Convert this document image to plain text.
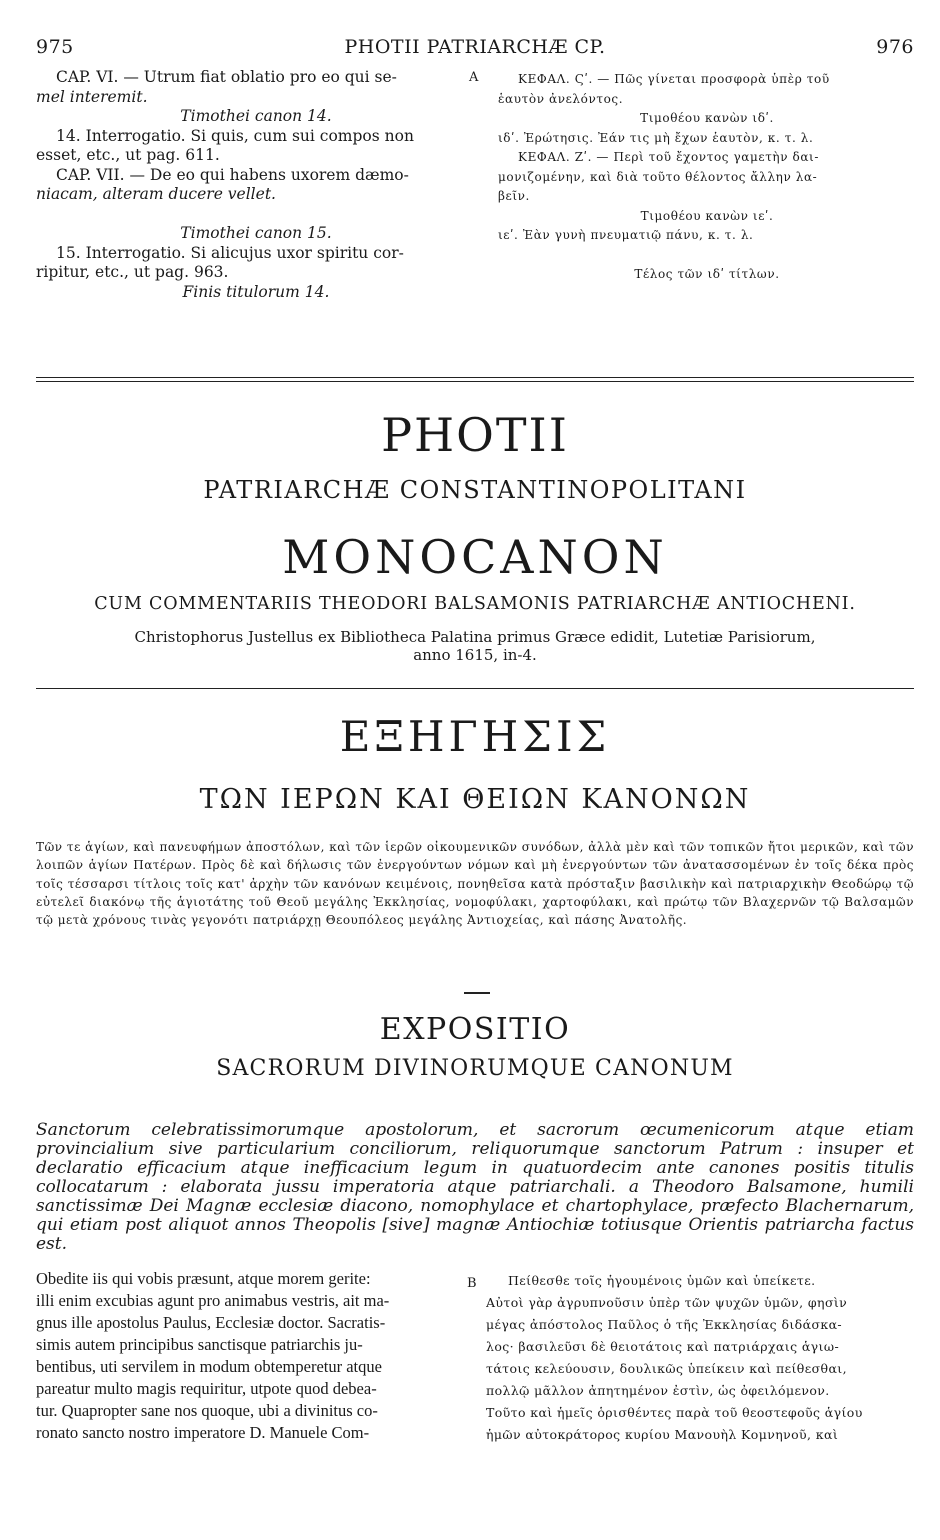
975	PHOTII PATRIARCHÆ CP.	976
CAP. VI. — Utrum fiat oblatio pro eo qui se-
mel interemit.
Timothei canon 14.
14. Interrogatio. Si quis, cum sui compos non
esset, etc., ut pag. 611.
CAP. VII. — De eo qui habens uxorem dæmo-
niacam, alteram ducere vellet.
Timothei canon 15.
15. Interrogatio. Si alicujus uxor spiritu cor-
ripitur, etc., ut pag. 963.
Finis titulorum 14.
A	ΚΕΦΑΛ. Ϛʹ. — Πῶς γίνεται προσφορὰ ὑπὲρ τοῦ
ἑαυτὸν ἀνελόντος.
Τιμοθέου κανὼν ιδʹ.
ιδʹ. Ἐρώτησις. Ἐάν τις μὴ ἔχων ἑαυτὸν, κ. τ. λ.
ΚΕΦΑΛ. Ζʹ. — Περὶ τοῦ ἔχοντος γαμετὴν δαι-
μονιζομένην, καὶ διὰ τοῦτο θέλοντος ἄλλην λα-
βεῖν.
Τιμοθέου κανὼν ιεʹ.
ιεʹ. Ἐὰν γυνὴ πνευματιῷ πάνυ, κ. τ. λ.
Τέλος τῶν ιδʹ τίτλων.
PHOTII
PATRIARCHÆ CONSTANTINOPOLITANI
MONOCANON
CUM COMMENTARIIS THEODORI BALSAMONIS PATRIARCHÆ ANTIOCHENI.
Christophorus Justellus ex Bibliotheca Palatina primus Græce edidit, Lutetiæ Parisiorum,
anno 1615, in-4.
ΕΞΗΓΗΣΙΣ
ΤΩΝ ΙΕΡΩΝ ΚΑΙ ΘΕΙΩΝ ΚΑΝΟΝΩΝ

Τῶν τε ἁγίων, καὶ πανευφήμων ἀποστόλων, καὶ τῶν ἱερῶν οἰκουμενικῶν συνόδων, ἀλλὰ μὲν καὶ τῶν τοπικῶν ἤτοι μερικῶν, καὶ τῶν λοιπῶν ἁγίων Πατέρων. Πρὸς δὲ καὶ δήλωσις τῶν ἐνεργούντων νόμων καὶ μὴ ἐνεργούντων τῶν ἀνατασσομένων ἐν τοῖς δέκα πρὸς τοῖς τέσσαρσι τίτλοις τοῖς κατ' ἀρχὴν τῶν κανόνων κειμένοις, πονηθεῖσα κατὰ πρόσταξιν βασιλικὴν καὶ πατριαρχικὴν Θεοδώρῳ τῷ εὐτελεῖ διακόνῳ τῆς ἁγιοτάτης τοῦ Θεοῦ μεγάλης Ἐκκλησίας, νομοφύλακι, χαρτοφύλακι, καὶ πρώτῳ τῶν Βλαχερνῶν τῷ Βαλσαμῶν τῷ μετὰ χρόνους τινὰς γεγονότι πατριάρχῃ Θεουπόλεος μεγάλης Ἀντιοχείας, καὶ πάσης Ἀνατολῆς.

EXPOSITIO
SACRORUM DIVINORUMQUE CANONUM

Sanctorum celebratissimorumque apostolorum, et sacrorum œcumenicorum atque etiam provincialium sive particularium conciliorum, reliquorumque sanctorum Patrum : insuper et declaratio efficacium atque inefficacium legum in quatuordecim ante canones positis titulis collocatarum : elaborata jussu imperatoria atque patriarchali. a Theodoro Balsamone, humili sanctissimæ Dei Magnæ ecclesiæ diacono, nomophylace et chartophylace, præfecto Blachernarum, qui etiam post aliquot annos Theopolis [sive] magnæ Antiochiæ totiusque Orientis patriarcha factus est.

B
Obedite iis qui vobis præsunt, atque morem gerite:
illi enim excubias agunt pro animabus vestris, ait ma-
gnus ille apostolus Paulus, Ecclesiæ doctor. Sacratis-
simis autem principibus sanctisque patriarchis ju-
bentibus, uti servilem in modum obtemperetur atque
pareatur multo magis requiritur, utpote quod debea-
tur. Quapropter sane nos quoque, ubi a divinitus co-
ronato sancto nostro imperatore D. Manuele Com-
Πείθεσθε τοῖς ἡγουμένοις ὑμῶν καὶ ὑπείκετε.
Αὐτοὶ γὰρ ἀγρυπνοῦσιν ὑπὲρ τῶν ψυχῶν ὑμῶν, φησὶν
μέγας ἀπόστολος Παῦλος ὁ τῆς Ἐκκλησίας διδάσκα-
λος· βασιλεῦσι δὲ θειοτάτοις καὶ πατριάρχαις ἁγιω-
τάτοις κελεύουσιν, δουλικῶς ὑπείκειν καὶ πείθεσθαι,
πολλῷ μᾶλλον ἀπητημένον ἐστὶν, ὡς ὀφειλόμενον.
Τοῦτο καὶ ἡμεῖς ὁρισθέντες παρὰ τοῦ θεοστεφοῦς ἁγίου
ἡμῶν αὐτοκράτορος κυρίου Μανουὴλ Κομνηνοῦ, καὶ
